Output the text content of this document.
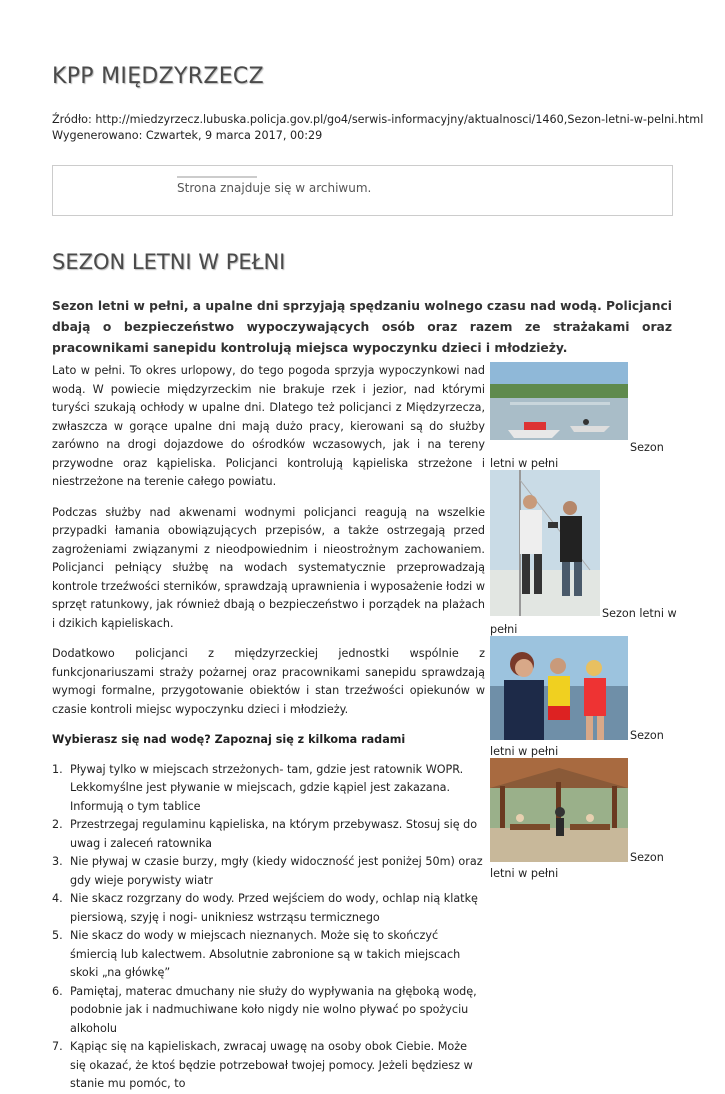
KPP MIĘDZYRZECZ
Źródło: http://miedzyrzecz.lubuska.policja.gov.pl/go4/serwis-informacyjny/aktualnosci/1460,Sezon-letni-w-pelni.html
Wygenerowano: Czwartek, 9 marca 2017, 00:29
Strona znajduje się w archiwum.
SEZON LETNI W PEŁNI

Sezon letni w pełni, a upalne dni sprzyjają spędzaniu wolnego czasu nad wodą. Policjanci dbają o bezpieczeństwo wypoczywających osób oraz razem ze strażakami oraz pracownikami sanepidu kontrolują miejsca wypoczynku dzieci i młodzieży.

Lato w pełni. To okres urlopowy, do tego pogoda sprzyja wypoczynkowi nad wodą. W powiecie międzyrzeckim nie brakuje rzek i jezior, nad którymi turyści szukają ochłody w upalne dni. Dlatego też policjanci z Międzyrzecza, zwłaszcza w gorące upalne dni mają dużo pracy, kierowani są do służby zarówno na drogi dojazdowe do ośrodków wczasowych, jak i na tereny przywodne oraz kąpieliska. Policjanci kontrolują kąpieliska strzeżone i niestrzeżone na terenie całego powiatu.

Podczas służby nad akwenami wodnymi policjanci reagują na wszelkie przypadki łamania obowiązujących przepisów, a także ostrzegają przed zagrożeniami związanymi z nieodpowiednim i nieostrożnym zachowaniem. Policjanci pełniący służbę na wodach systematycznie przeprowadzają kontrole trzeźwości sterników, sprawdzają uprawnienia i wyposażenie łodzi w sprzęt ratunkowy, jak również dbają o bezpieczeństwo i porządek na plażach i dzikich kąpieliskach.

Dodatkowo policjanci z międzyrzeckiej jednostki wspólnie z funkcjonariuszami straży pożarnej oraz pracownikami sanepidu sprawdzają wymogi formalne, przygotowanie obiektów i stan trzeźwości opiekunów w czasie kontroli miejsc wypoczynku dzieci i młodzieży.

Wybierasz się nad wodę? Zapoznaj się z kilkoma radami
1. Pływaj tylko w miejscach strzeżonych- tam, gdzie jest ratownik WOPR. Lekkomyślne jest pływanie w miejscach, gdzie kąpiel jest zakazana. Informują o tym tablice
2. Przestrzegaj regulaminu kąpieliska, na którym przebywasz. Stosuj się do uwag i zaleceń ratownika
3. Nie pływaj w czasie burzy, mgły (kiedy widoczność jest poniżej 50m) oraz gdy wieje porywisty wiatr
4. Nie skacz rozgrzany do wody. Przed wejściem do wody, ochlap nią klatkę piersiową, szyję i nogi- unikniesz wstrząsu termicznego
5. Nie skacz do wody w miejscach nieznanych. Może się to skończyć śmiercią lub kalectwem. Absolutnie zabronione są w takich miejscach skoki „na główkę”
6. Pamiętaj, materac dmuchany nie służy do wypływania na głęboką wodę, podobnie jak i nadmuchiwane koło nigdy nie wolno pływać po spożyciu alkoholu
7. Kąpiąc się na kąpieliskach, zwracaj uwagę na osoby obok Ciebie. Może się okazać, że ktoś będzie potrzebował twojej pomocy. Jeżeli będziesz w stanie mu pomóc, to
Sezon
letni w pełni
Sezon letni w
pełni
Sezon
letni w pełni
Sezon
letni w pełni
